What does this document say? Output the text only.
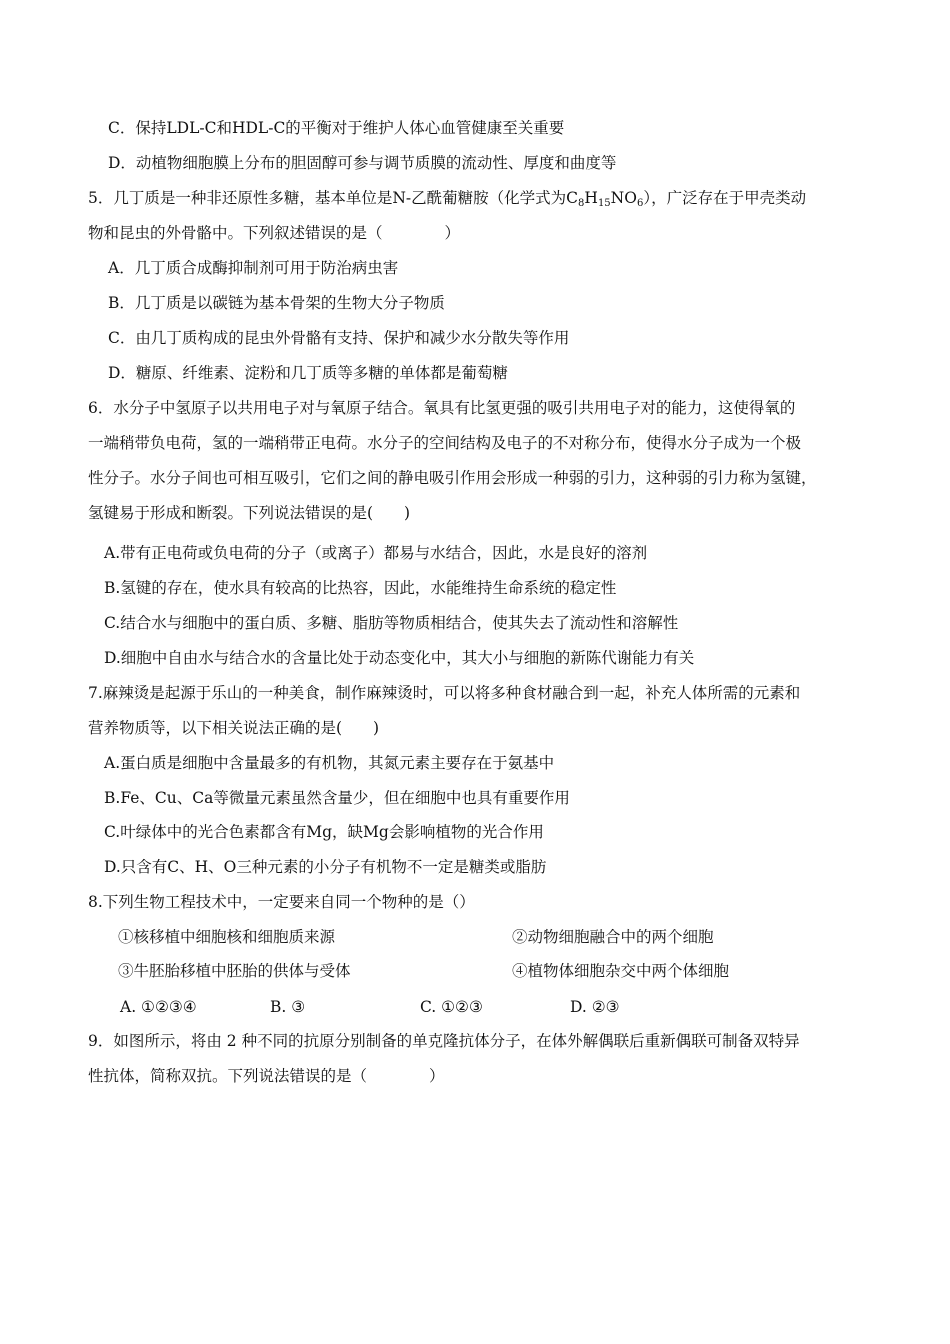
C．保持LDL-C和HDL-C的平衡对于维护人体心血管健康至关重要
D．动植物细胞膜上分布的胆固醇可参与调节质膜的流动性、厚度和曲度等
5．几丁质是一种非还原性多糖，基本单位是N-乙酰葡糖胺（化学式为$C_8H_{15}NO_6$），广泛存在于甲壳类动
物和昆虫的外骨骼中。下列叙述错误的是（　　　　）
A．几丁质合成酶抑制剂可用于防治病虫害
B．几丁质是以碳链为基本骨架的生物大分子物质
C．由几丁质构成的昆虫外骨骼有支持、保护和减少水分散失等作用
D．糖原、纤维素、淀粉和几丁质等多糖的单体都是葡萄糖
6．水分子中氢原子以共用电子对与氧原子结合。氧具有比氢更强的吸引共用电子对的能力，这使得氧的
一端稍带负电荷，氢的一端稍带正电荷。水分子的空间结构及电子的不对称分布，使得水分子成为一个极
性分子。水分子间也可相互吸引，它们之间的静电吸引作用会形成一种弱的引力，这种弱的引力称为氢键，
氢键易于形成和断裂。下列说法错误的是(　　)
A.带有正电荷或负电荷的分子（或离子）都易与水结合，因此，水是良好的溶剂
B.氢键的存在，使水具有较高的比热容，因此，水能维持生命系统的稳定性
C.结合水与细胞中的蛋白质、多糖、脂肪等物质相结合，使其失去了流动性和溶解性
D.细胞中自由水与结合水的含量比处于动态变化中，其大小与细胞的新陈代谢能力有关
7.麻辣烫是起源于乐山的一种美食，制作麻辣烫时，可以将多种食材融合到一起，补充人体所需的元素和
营养物质等，以下相关说法正确的是(　　)
A.蛋白质是细胞中含量最多的有机物，其氮元素主要存在于氨基中
B.Fe、Cu、Ca等微量元素虽然含量少，但在细胞中也具有重要作用
C.叶绿体中的光合色素都含有Mg，缺Mg会影响植物的光合作用
D.只含有C、H、O三种元素的小分子有机物不一定是糖类或脂肪
8.下列生物工程技术中，一定要来自同一个物种的是（）
①核移植中细胞核和细胞质来源	②动物细胞融合中的两个细胞
③牛胚胎移植中胚胎的供体与受体	④植物体细胞杂交中两个体细胞
A. ①②③④	B. ③	C. ①②③	D. ②③
9．如图所示，将由 2 种不同的抗原分别制备的单克隆抗体分子，在体外解偶联后重新偶联可制备双特异
性抗体，简称双抗。下列说法错误的是（　　　　）
